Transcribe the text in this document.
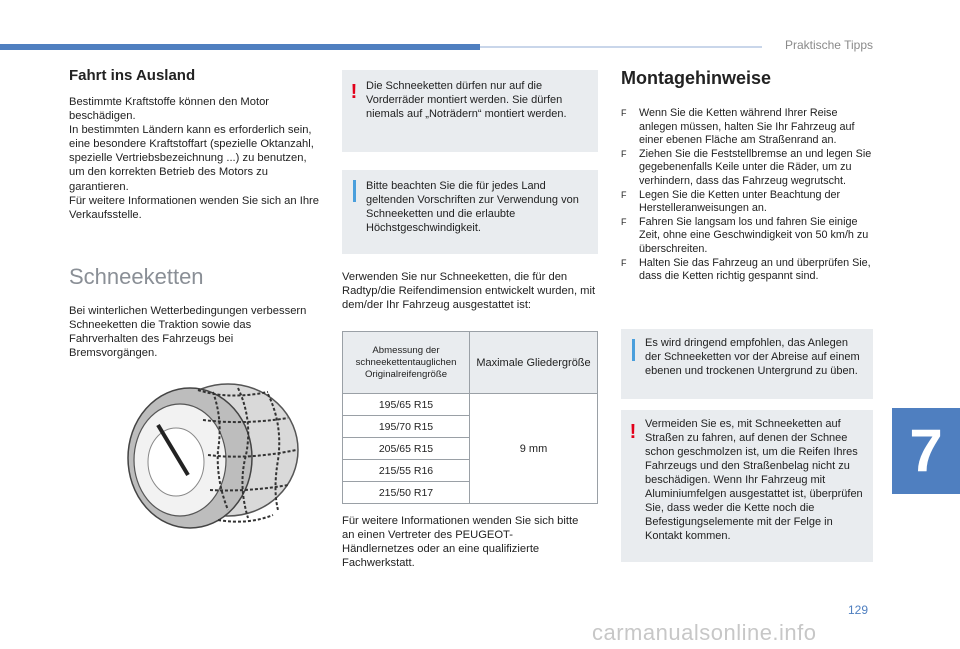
Praktische Tipps
Fahrt ins Ausland
Bestimmte Kraftstoffe können den Motor beschädigen.
In bestimmten Ländern kann es erforderlich sein, eine besondere Kraftstoffart (spezielle Oktanzahl, spezielle Vertriebsbezeichnung ...) zu benutzen, um den korrekten Betrieb des Motors zu garantieren.
Für weitere Informationen wenden Sie sich an Ihre Verkaufsstelle.
Schneeketten
Bei winterlichen Wetterbedingungen verbessern Schneeketten die Traktion sowie das Fahrverhalten des Fahrzeugs bei Bremsvorgängen.
! Die Schneeketten dürfen nur auf die Vorderräder montiert werden. Sie dürfen niemals auf „Noträdern“ montiert werden.
Bitte beachten Sie die für jedes Land geltenden Vorschriften zur Verwendung von Schneeketten und die erlaubte Höchstgeschwindigkeit.
Verwenden Sie nur Schneeketten, die für den Radtyp/die Reifendimension entwickelt wurden, mit dem/der Ihr Fahrzeug ausgestattet ist:
Abmessung der schneekettentauglichen Originalreifengröße	Maximale Gliedergröße
195/65 R15	9 mm
195/70 R15	
205/65 R15	
215/55 R16	
215/50 R17	
Für weitere Informationen wenden Sie sich bitte an einen Vertreter des PEUGEOT-Händlernetzes oder an eine qualifizierte Fachwerkstatt.
Montagehinweise
F Wenn Sie die Ketten während Ihrer Reise anlegen müssen, halten Sie Ihr Fahrzeug auf einer ebenen Fläche am Straßenrand an.
F Ziehen Sie die Feststellbremse an und legen Sie gegebenenfalls Keile unter die Räder, um zu verhindern, dass das Fahrzeug wegrutscht.
F Legen Sie die Ketten unter Beachtung der Herstelleranweisungen an.
F Fahren Sie langsam los und fahren Sie einige Zeit, ohne eine Geschwindigkeit von 50 km/h zu überschreiten.
F Halten Sie das Fahrzeug an und überprüfen Sie, dass die Ketten richtig gespannt sind.
Es wird dringend empfohlen, das Anlegen der Schneeketten vor der Abreise auf einem ebenen und trockenen Untergrund zu üben.
! Vermeiden Sie es, mit Schneeketten auf Straßen zu fahren, auf denen der Schnee schon geschmolzen ist, um die Reifen Ihres Fahrzeugs und den Straßenbelag nicht zu beschädigen. Wenn Ihr Fahrzeug mit Aluminiumfelgen ausgestattet ist, überprüfen Sie, dass weder die Kette noch die Befestigungselemente mit der Felge in Kontakt kommen.
7
129
carmanualsonline.info
